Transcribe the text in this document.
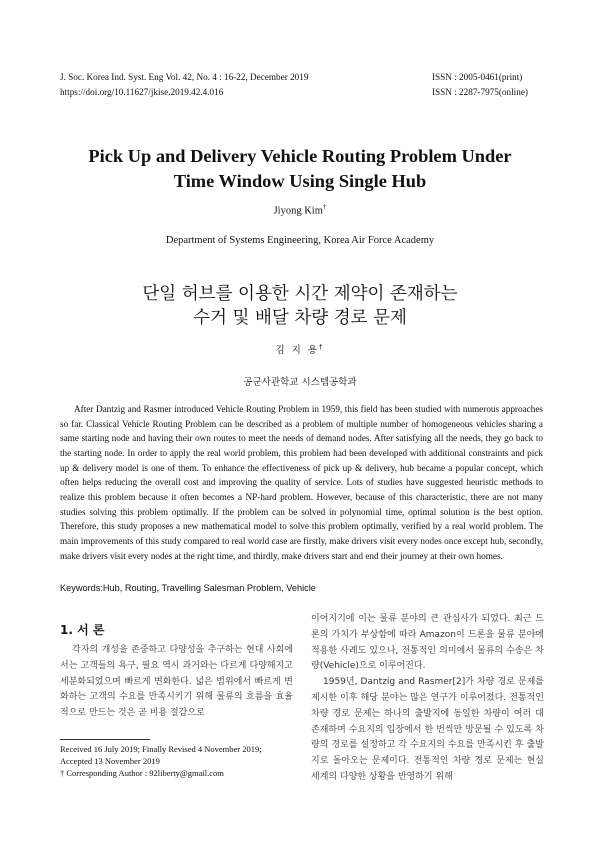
J. Soc. Korea Ind. Syst. Eng Vol. 42, No. 4 : 16-22, December 2019
https://doi.org/10.11627/jkise.2019.42.4.016
ISSN : 2005-0461(print)
ISSN : 2287-7975(online)
Pick Up and Delivery Vehicle Routing Problem Under
Time Window Using Single Hub
Jiyong Kim†
Department of Systems Engineering, Korea Air Force Academy
단일 허브를 이용한 시간 제약이 존재하는
수거 및 배달 차량 경로 문제
김 지 용†
공군사관학교 시스템공학과
After Dantzig and Rasmer introduced Vehicle Routing Problem in 1959, this field has been studied with numerous approaches so far. Classical Vehicle Routing Problem can be described as a problem of multiple number of homogeneous vehicles sharing a same starting node and having their own routes to meet the needs of demand nodes. After satisfying all the needs, they go back to the starting node. In order to apply the real world problem, this problem had been developed with additional constraints and pick up & delivery model is one of them. To enhance the effectiveness of pick up & delivery, hub became a popular concept, which often helps reducing the overall cost and improving the quality of service. Lots of studies have suggested heuristic methods to realize this problem because it often becomes a NP-hard problem. However, because of this characteristic, there are not many studies solving this problem optimally. If the problem can be solved in polynomial time, optimal solution is the best option. Therefore, this study proposes a new mathematical model to solve this problem optimally, verified by a real world problem. The main improvements of this study compared to real world case are firstly, make drivers visit every nodes once except hub, secondly, make drivers visit every nodes at the right time, and thirdly, make drivers start and end their journey at their own homes.
Keywords:Hub, Routing, Travelling Salesman Problem, Vehicle
1. 서 론

각자의 개성을 존중하고 다양성을 추구하는 현대 사회에서는 고객들의 욕구, 필요 역시 과거와는 다르게 다양해지고 세분화되었으며 빠르게 변화한다. 넓은 범위에서 빠르게 변화하는 고객의 수요를 만족시키기 위해 물류의 흐름을 효율적으로 만드는 것은 곧 비용 절감으로

이어지기에 이는 물류 분야의 큰 관심사가 되었다. 최근 드론의 가치가 부상함에 따라 Amazon이 드론을 물류 분야에 적용한 사례도 있으나, 전통적인 의미에서 물류의 수송은 차량(Vehicle)으로 이루어진다.

1959년, Dantzig and Rasmer[2]가 차량 경로 문제를 제시한 이후 해당 분야는 많은 연구가 이루어졌다. 전통적인 차량 경로 문제는 하나의 출발지에 동일한 차량이 여러 대 존재하며 수요지의 입장에서 한 번씩만 방문될 수 있도록 차량의 경로를 설정하고 각 수요지의 수요를 만족시킨 후 출발지로 돌아오는 문제이다. 전통적인 차량 경로 문제는 현실 세계의 다양한 상황을 반영하기 위해

Received 16 July 2019; Finally Revised 4 November 2019;
Accepted 13 November 2019
† Corresponding Author : 92liberty@gmail.com
